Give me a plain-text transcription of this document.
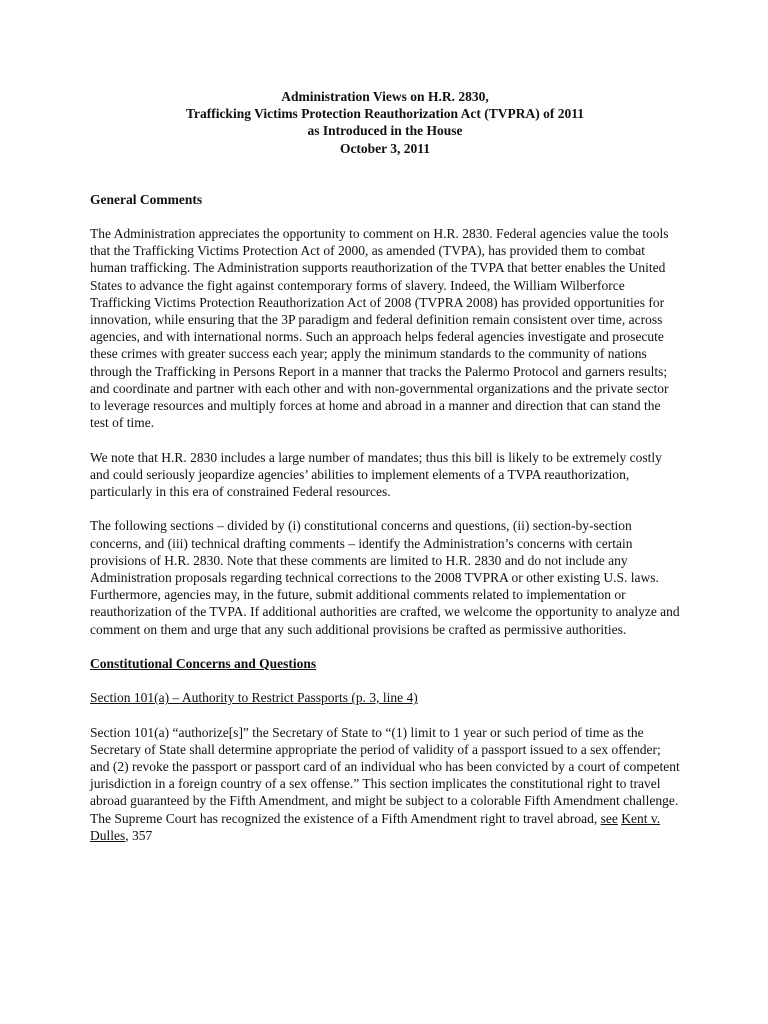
Administration Views on H.R. 2830,
Trafficking Victims Protection Reauthorization Act (TVPRA) of 2011
as Introduced in the House
October 3, 2011
General Comments

The Administration appreciates the opportunity to comment on H.R. 2830. Federal agencies value the tools that the Trafficking Victims Protection Act of 2000, as amended (TVPA), has provided them to combat human trafficking. The Administration supports reauthorization of the TVPA that better enables the United States to advance the fight against contemporary forms of slavery. Indeed, the William Wilberforce Trafficking Victims Protection Reauthorization Act of 2008 (TVPRA 2008) has provided opportunities for innovation, while ensuring that the 3P paradigm and federal definition remain consistent over time, across agencies, and with international norms. Such an approach helps federal agencies investigate and prosecute these crimes with greater success each year; apply the minimum standards to the community of nations through the Trafficking in Persons Report in a manner that tracks the Palermo Protocol and garners results; and coordinate and partner with each other and with non-governmental organizations and the private sector to leverage resources and multiply forces at home and abroad in a manner and direction that can stand the test of time.

We note that H.R. 2830 includes a large number of mandates; thus this bill is likely to be extremely costly and could seriously jeopardize agencies’ abilities to implement elements of a TVPA reauthorization, particularly in this era of constrained Federal resources.

The following sections – divided by (i) constitutional concerns and questions, (ii) section-by-section concerns, and (iii) technical drafting comments – identify the Administration’s concerns with certain provisions of H.R. 2830. Note that these comments are limited to H.R. 2830 and do not include any Administration proposals regarding technical corrections to the 2008 TVPRA or other existing U.S. laws. Furthermore, agencies may, in the future, submit additional comments related to implementation or reauthorization of the TVPA. If additional authorities are crafted, we welcome the opportunity to analyze and comment on them and urge that any such additional provisions be crafted as permissive authorities.

Constitutional Concerns and Questions
Section 101(a) – Authority to Restrict Passports (p. 3, line 4)

Section 101(a) “authorize[s]” the Secretary of State to “(1) limit to 1 year or such period of time as the Secretary of State shall determine appropriate the period of validity of a passport issued to a sex offender; and (2) revoke the passport or passport card of an individual who has been convicted by a court of competent jurisdiction in a foreign country of a sex offense.” This section implicates the constitutional right to travel abroad guaranteed by the Fifth Amendment, and might be subject to a colorable Fifth Amendment challenge. The Supreme Court has recognized the existence of a Fifth Amendment right to travel abroad, see Kent v. Dulles, 357
